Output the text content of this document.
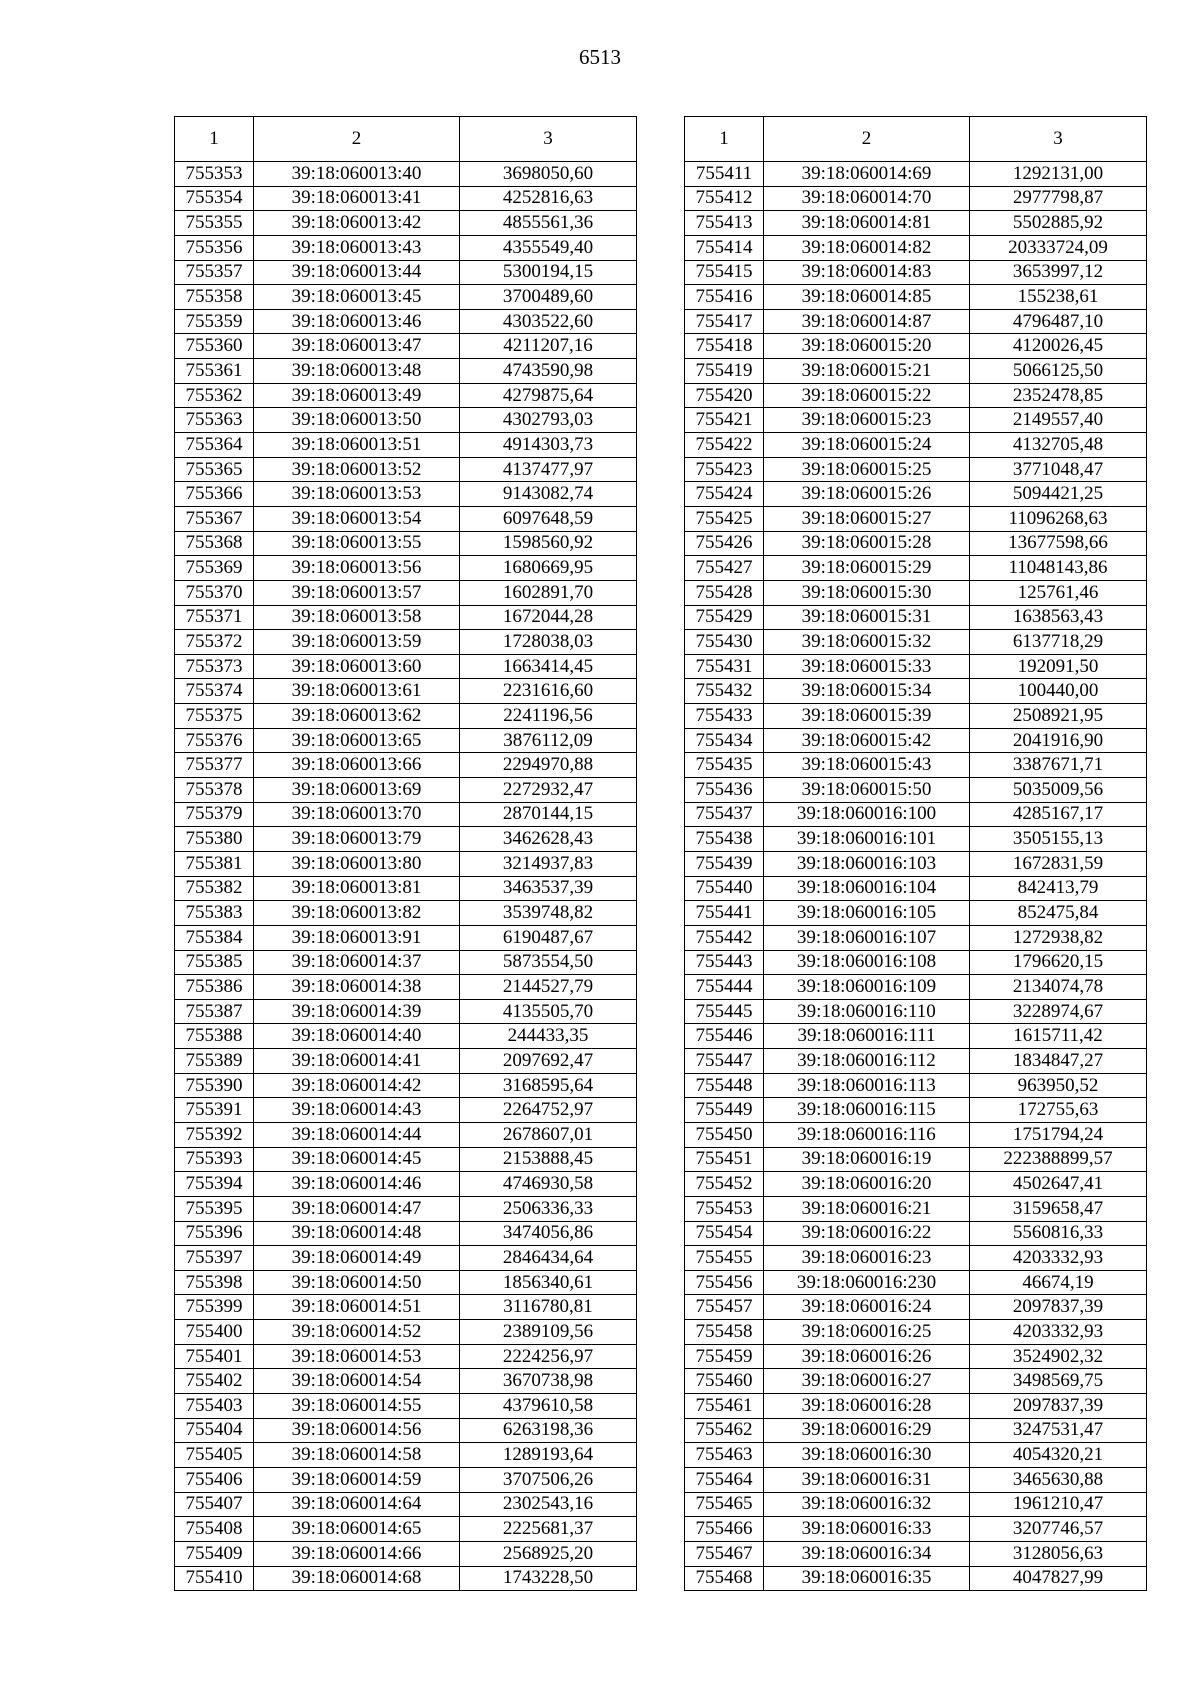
6513
1	2	3
755353	39:18:060013:40	3698050,60
755354	39:18:060013:41	4252816,63
755355	39:18:060013:42	4855561,36
755356	39:18:060013:43	4355549,40
755357	39:18:060013:44	5300194,15
755358	39:18:060013:45	3700489,60
755359	39:18:060013:46	4303522,60
755360	39:18:060013:47	4211207,16
755361	39:18:060013:48	4743590,98
755362	39:18:060013:49	4279875,64
755363	39:18:060013:50	4302793,03
755364	39:18:060013:51	4914303,73
755365	39:18:060013:52	4137477,97
755366	39:18:060013:53	9143082,74
755367	39:18:060013:54	6097648,59
755368	39:18:060013:55	1598560,92
755369	39:18:060013:56	1680669,95
755370	39:18:060013:57	1602891,70
755371	39:18:060013:58	1672044,28
755372	39:18:060013:59	1728038,03
755373	39:18:060013:60	1663414,45
755374	39:18:060013:61	2231616,60
755375	39:18:060013:62	2241196,56
755376	39:18:060013:65	3876112,09
755377	39:18:060013:66	2294970,88
755378	39:18:060013:69	2272932,47
755379	39:18:060013:70	2870144,15
755380	39:18:060013:79	3462628,43
755381	39:18:060013:80	3214937,83
755382	39:18:060013:81	3463537,39
755383	39:18:060013:82	3539748,82
755384	39:18:060013:91	6190487,67
755385	39:18:060014:37	5873554,50
755386	39:18:060014:38	2144527,79
755387	39:18:060014:39	4135505,70
755388	39:18:060014:40	244433,35
755389	39:18:060014:41	2097692,47
755390	39:18:060014:42	3168595,64
755391	39:18:060014:43	2264752,97
755392	39:18:060014:44	2678607,01
755393	39:18:060014:45	2153888,45
755394	39:18:060014:46	4746930,58
755395	39:18:060014:47	2506336,33
755396	39:18:060014:48	3474056,86
755397	39:18:060014:49	2846434,64
755398	39:18:060014:50	1856340,61
755399	39:18:060014:51	3116780,81
755400	39:18:060014:52	2389109,56
755401	39:18:060014:53	2224256,97
755402	39:18:060014:54	3670738,98
755403	39:18:060014:55	4379610,58
755404	39:18:060014:56	6263198,36
755405	39:18:060014:58	1289193,64
755406	39:18:060014:59	3707506,26
755407	39:18:060014:64	2302543,16
755408	39:18:060014:65	2225681,37
755409	39:18:060014:66	2568925,20
755410	39:18:060014:68	1743228,50
1	2	3
755411	39:18:060014:69	1292131,00
755412	39:18:060014:70	2977798,87
755413	39:18:060014:81	5502885,92
755414	39:18:060014:82	20333724,09
755415	39:18:060014:83	3653997,12
755416	39:18:060014:85	155238,61
755417	39:18:060014:87	4796487,10
755418	39:18:060015:20	4120026,45
755419	39:18:060015:21	5066125,50
755420	39:18:060015:22	2352478,85
755421	39:18:060015:23	2149557,40
755422	39:18:060015:24	4132705,48
755423	39:18:060015:25	3771048,47
755424	39:18:060015:26	5094421,25
755425	39:18:060015:27	11096268,63
755426	39:18:060015:28	13677598,66
755427	39:18:060015:29	11048143,86
755428	39:18:060015:30	125761,46
755429	39:18:060015:31	1638563,43
755430	39:18:060015:32	6137718,29
755431	39:18:060015:33	192091,50
755432	39:18:060015:34	100440,00
755433	39:18:060015:39	2508921,95
755434	39:18:060015:42	2041916,90
755435	39:18:060015:43	3387671,71
755436	39:18:060015:50	5035009,56
755437	39:18:060016:100	4285167,17
755438	39:18:060016:101	3505155,13
755439	39:18:060016:103	1672831,59
755440	39:18:060016:104	842413,79
755441	39:18:060016:105	852475,84
755442	39:18:060016:107	1272938,82
755443	39:18:060016:108	1796620,15
755444	39:18:060016:109	2134074,78
755445	39:18:060016:110	3228974,67
755446	39:18:060016:111	1615711,42
755447	39:18:060016:112	1834847,27
755448	39:18:060016:113	963950,52
755449	39:18:060016:115	172755,63
755450	39:18:060016:116	1751794,24
755451	39:18:060016:19	222388899,57
755452	39:18:060016:20	4502647,41
755453	39:18:060016:21	3159658,47
755454	39:18:060016:22	5560816,33
755455	39:18:060016:23	4203332,93
755456	39:18:060016:230	46674,19
755457	39:18:060016:24	2097837,39
755458	39:18:060016:25	4203332,93
755459	39:18:060016:26	3524902,32
755460	39:18:060016:27	3498569,75
755461	39:18:060016:28	2097837,39
755462	39:18:060016:29	3247531,47
755463	39:18:060016:30	4054320,21
755464	39:18:060016:31	3465630,88
755465	39:18:060016:32	1961210,47
755466	39:18:060016:33	3207746,57
755467	39:18:060016:34	3128056,63
755468	39:18:060016:35	4047827,99
